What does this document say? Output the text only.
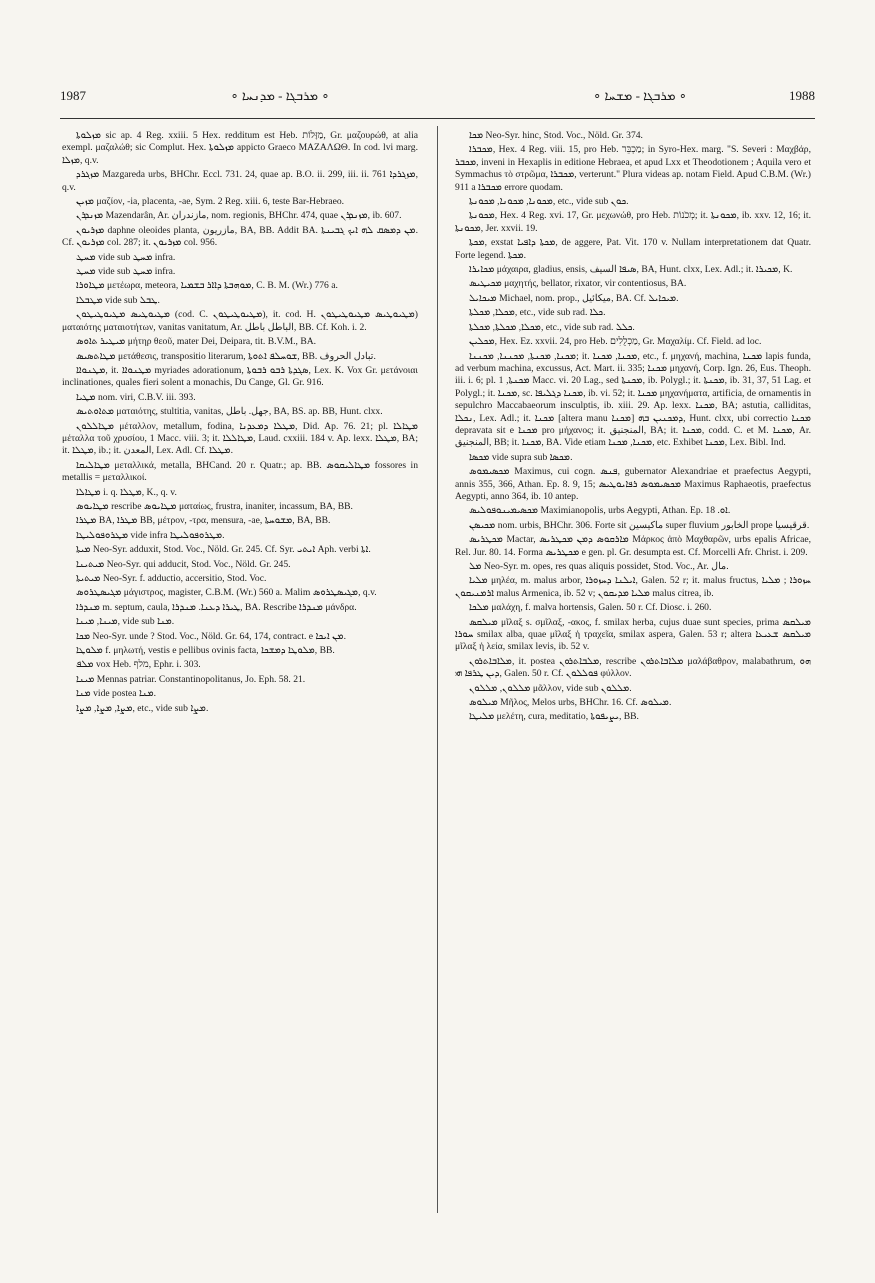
1987	∘ ܡܪܒܓܐ - ܡܕܢܚܐ ∘	∘ ܡܪܒܓܐ - ܡܫܚܐ ∘	1988

ܡܙܠܘܬܐ sic ap. 4 Reg. xxiii. 5 Hex. redditum est Heb. מַזָּלוֹת, Gr. μαζουρώθ, at alia exempl. μαζαλώθ; sic Complut. Hex. ܡܙܠܘܬܐ appicto Graeco ΜΑΖΑΛΩΘ. In cod. lvi marg. ܡܙܠܐ, q.v.

ܡܙܓܪܕ Mazgareda urbs, BHChr. Eccl. 731. 24, quae ap. B.O. ii. 299, iii. ii. 761 ܡܙܓܪܕܐ, q.v.

ܡܙܝܢ μαζίον, -ia, placenta, -ae, Sym. 2 Reg. xiii. 6, teste Bar-Hebraeo.

ܡܙܢܕܪܢ Mazendarân, Ar. مازندران, nom. regionis, BHChr. 474, quae ܡܙܢܕܪܢ, ib. 607.

ܡܙܪܝܘܢ daphne oleoides planta, مازريون, BA, BB. Addit BA. ܡܢ ܕܡܣܩ ܠܗ ܐܝܟ ܓܒܝܢܬܐ. Cf. ܡܙܪܝܘܢ col. 287; it. ܡܙܪܝܘܢ col. 956.

ܡܚܛ vide sub ܡܚܛ infra.

ܡܚܛ vide sub ܡܚܛ infra.

ܡܛܐܘܪܐ μετέωρα, meteora, ܡܘܗܒܬܐ ܕܐܐܪ ܒܫܡܝܐ, C. B. M. (Wr.) 776 a.

ܡܛܒܠܐ vide sub ܛܒܠ.

ܡܛܝܘܛܝܣ ܡܛܝܘܛܝܛܘܢ (cod. C. ܡܛܝܘܛܝܛܘܢ), it. cod. H. ܡܛܝܘܛܝܣ ܡܛܝܘܛܝܛܘܢ) ματαιότης ματαιοτήτων, vanitas vanitatum, Ar. الباطل باطل, BB. Cf. Koh. i. 2.

ܡܝܛܝܪ ܬܐܘܣ μήτηρ θεοῦ, mater Dei, Deipara, tit. B.V.M., BA.

ܡܛܐܬܣܝܣ μετάθεσις, transpositio literarum, ܫܘܚܠܦ ܐܬܘܬܐ, BB. تبادل الحروف.

ܡܛܢܘܐܐ, it. ܡܛܢܘܐܐ myriades adorationum, ܣܓܕܬܐ ܪܒܘ ܪܒܘܬܐ, Lex. K. Vox Gr. μετάνοιαι inclinationes, quales fieri solent a monachis, Du Cange, Gl. Gr. 916.

ܡܛܝܐ nom. viri, C.B.V. iii. 393.

ܡܬܐܘܬܝܣ ματαιότης, stultitia, vanitas, جهل. باطل, BA, BS. ap. BB, Hunt. clxx.

ܡܛܐܠܠܘܢ μέταλλον, metallum, fodina, ܡܛܠܐ ܕܡܥܕܢܐ, Did. Ap. 76. 21; pl. ܡܛܐܠܐ μέταλλα τοῦ χρυσίου, 1 Macc. viii. 3; it. ܡܛܐܠܠܐ, Laud. cxxiii. 184 v. Ap. lexx. ܡܛܠܐ, BA; it. ܡܛܠܐ, ib.; it. المعدن, Lex. Adl. Cf. ܡܛܠܐ.

ܡܛܐܠܝܩܐ μεταλλικά, metalla, BHCand. 20 r. Quatr.; ap. BB. ܡܛܐܠܝܩܘܣ fossores in metallis = μεταλλικοί.

ܡܛܐܠܐ i. q. ܡܛܠܐ, K., q. v.

ܡܛܐܝܘܣ rescribe ܡܛܐܝܘܣ ματαίως, frustra, inaniter, incassum, BA, BB.

ܡܛܪܐ BA, ܡܛܪܐ BB, μέτρον, -τρα, mensura, -ae, ܡܫܘܚܬܐ, BA, BB.

ܡܛܪܘܦܘܠܝܛܐ vide infra ܡܛܪܘܦܘܠܝܛܐ.

ܡܝܬܐ Neo-Syr. adduxit, Stod. Voc., Nöld. Gr. 245. Cf. Syr. ܐܝܬܝ Aph. verbi ܐܬܐ.

ܡܝܬܝܢܐ Neo-Syr. qui adducit, Stod. Voc., Nöld. Gr. 245.

ܡܝܬܝܬܐ Neo-Syr. f. adductio, accersitio, Stod. Voc.

ܡܓܝܣܛܪܘܣ μάγιστρος, magister, C.B.M. (Wr.) 560 a. Malim ܡܓܝܣܛܪܘܣ, q.v.

ܡܢܕܪܐ m. septum, caula, ܛܝܪܐ ܕܥܢܐ. ܡܢܕܪܐ, BA. Rescribe ܡܢܕܪܐ μάνδρα.

ܡܝܢܐ, ܡܝܢܐ, vide sub ܡܢܐ.

ܡܟܐ Neo-Syr. unde ? Stod. Voc., Nöld. Gr. 64, 174, contract. e ܡܢ ܐܝܟܐ.

ܡܠܘܛܐ f. μηλωτή, vestis e pellibus ovinis facta, ܡܠܘܛܐ ܕܡܫܟܐ, BB.

ܡܠܦ vox Heb. מלף, Ephr. i. 303.

ܡܝܢܐ Mennas patriar. Constantinopolitanus, Jo. Eph. 58. 21.

ܡܢܐ vide postea ܡܢܐ.

ܡܨܐ, ܡܨܐ, ܡܨܐ, etc., vide sub ܡܨܐ.

ܡܟܐ Neo-Syr. hinc, Stod. Voc., Nöld. Gr. 374.

ܡܟܒܪܐ, Hex. 4 Reg. viii. 15, pro Heb. מַכְבֵּר; in Syro-Hex. marg. "S. Severi : Μαχβάρ, ܡܟܒܪ, inveni in Hexaplis in editione Hebraea, et apud Lxx et Theodotionem ; Aquila vero et Symmachus τὸ στρῶμα, ܡܟܒܪܐ, verterunt." Plura videas ap. notam Field. Apud C.B.M. (Wr.) 911 a ܡܟܒܪܐ errore quodam.

ܡܟܘܢܐ, ܡܟܘܢܐ, ܡܟܘܢܬܐ, etc., vide sub ܟܘܢ.

ܡܟܘܢܬܐ, Hex. 4 Reg. xvi. 17, Gr. μεχωνώθ, pro Heb. מְכֹנוֹת; it. ܡܟܘܢܬܐ, ib. xxv. 12, 16; it. ܡܟܘܢܬܐ, Jer. xxvii. 19.

ܡܟܬܐ, exstat ܡܟܬܐ ܕܐܦܝܐ, de aggere, Pat. Vit. 170 v. Nullam interpretationem dat Quatr. Forte legend. ܡܟܬܐ.

ܡܟܐܝܪܐ μάχαιρα, gladius, ensis, ܣܝܦܐ السيف, BA, Hunt. clxx, Lex. Adl.; it. ܡܟܝܪܐ, K.

ܡܟܝܛܝܣ μαχητής, bellator, rixator, vir contentiosus, BA.

ܡܝܟܐܝܠ Michael, nom. prop., ميكائيل, BA. Cf. ܡܝܟܐܝܠ.

ܡܟܠܐ, ܡܟܠܬܐ, etc., vide sub rad. ܟܠܐ.

ܡܟܠܐ, ܡܟܠܬܐ, ܡܟܠܬܐ, etc., vide sub rad. ܟܠܠ.

ܡܟܠܝܢ, Hex. Ez. xxvii. 24, pro Heb. מַכְלֻלִים, Gr. Μαχαλίμ. Cf. Field. ad loc.

ܡܟܢܐ, ܡܟܢܬܐ, ܡܟܢܢܐ, ܡܟܢܢܐ; it. ܡܟܢܐ, ܡܟܢܐ, etc., f. μηχανή, machina, ܡܟܢܐ lapis funda, ad verbum machina, excussus, Act. Mart. ii. 335; ܡܟܢܐ μηχανή, Corp. Ign. 26, Eus. Theoph. iii. i. 6; pl. ܡܟܢܬܐ, 1 Macc. vi. 20 Lag., sed ܡܟܢܬܐ, ib. Polygl.; it. ܡܟܢܬܐ, ib. 31, 37, 51 Lag. et Polygl.; it. ܡܟܢܐ, sc. ܡܟܢܐ ܕܓܠܝܦܐ, ib. vi. 52; it. ܡܟܢܐ μηχανήματα, artificia, de ornamentis in sepulchro Maccabaeorum insculptis, ib. xiii. 29. Ap. lexx. ܡܟܢܐ, BA; astutia, calliditas, ܢܟܠܐ, Lex. Adl.; it. ܡܟܢܐ [altera manu ܡܟܢܐ] ܕܡܟܢܝܢ ܒܗ, Hunt. clxx, ubi correctio ܡܟܢܐ depravata sit e ܡܟܢܐ pro μήχανος; it. المنجنيق, BA; it. ܡܟܢܐ, codd. C. et M. ܡܟܢܐ, Ar. المنجنيق, BB; it. ܡܟܢܐ, BA. Vide etiam ܡܟܢܐ, ܡܟܢܐ, etc. Exhibet ܡܟܢܐ, Lex. Bibl. Ind.

ܡܟܣܐ vide supra sub ܡܟܣܐ.

ܡܟܣܝܡܘܣ Maximus, cui cogn. ܦܢܣ, gubernator Alexandriae et praefectus Aegypti, annis 355, 366, Athan. Ep. 8. 9, 15; ܡܟܣܝܡܘܣ ܪܦܐܝܘܛܝܣ Maximus Raphaeotis, praefectus Aegypti, anno 364, ib. 10 antep.

ܡܟܣܝܡܝܢܘܦܘܠܝܣ Maximianopolis, urbs Aegypti, Athan. Ep. ܐܘ. 18.

ܡܟܝܣܢ nom. urbis, BHChr. 306. Forte sit ماكيسين super fluvium الخابور prope قرقيسيا.

ܡܟܛܪܝܣ Mactar, ܡܐܪܩܘܣ ܕܡܢ ܡܟܛܪܝܣ Μάρκος ἀπὸ Μαχθαρῶν, urbs epalis Africae, Rel. Jur. 80. 14. Forma ܡܟܛܪܝܣ e gen. pl. Gr. desumpta est. Cf. Morcelli Afr. Christ. i. 209.

ܡܠ Neo-Syr. m. opes, res quas aliquis possidet, Stod. Voc., Ar. مال.

ܡܠܝܐ μηλέα, m. malus arbor, ܐܝܠܢܐ ܕܚܙܘܪܐ, Galen. 52 r; it. malus fructus, ܚܙܘܪܐ ; ܡܠܝܐ ܐܪܡܢܝܩܘܢ malus Armenica, ib. 52 v; ܡܠܝܐ ܡܕܝܩܘܢ malus citrea, ib.

ܡܠܟܐ μαλάχη, f. malva hortensis, Galen. 50 r. Cf. Diosc. i. 260.

ܡܝܠܩܣ μῖλαξ s. σμῖλαξ, -ακος, f. smilax herba, cujus duae sunt species, prima ܡܝܠܩܣ ܚܘܪܐ smilax alba, quae μῖλαξ ἡ τραχεῖα, smilax aspera, Galen. 53 r; altera ܡܝܠܩܣ ܫܥܝܥܐ μῖλαξ ἡ λεία, smilax levis, ib. 52 v.

ܡܠܐܒܐܬܪܘܢ, it. postea ܡܠܒܐܬܪܘܢ, rescribe ܡܠܐܒܐܬܪܘܢ μαλάβαθρον, malabathrum, ܗܘ ܕܝܢ ܛܪܦܐ ܗܝ, Galen. 50 r. Cf. ܦܘܠܠܘܢ φύλλον.

ܡܠܠܘܢ, ܡܠܠܘܢ μᾶλλον, vide sub ܡܠܠܘܢ.

ܡܝܠܘܣ Μῆλος, Melos urbs, BHChr. 16. Cf. ܡܝܠܘܣ.

ܡܠܝܛܐ μελέτη, cura, meditatio, ܝܨܝܦܘܬܐ, BB.
